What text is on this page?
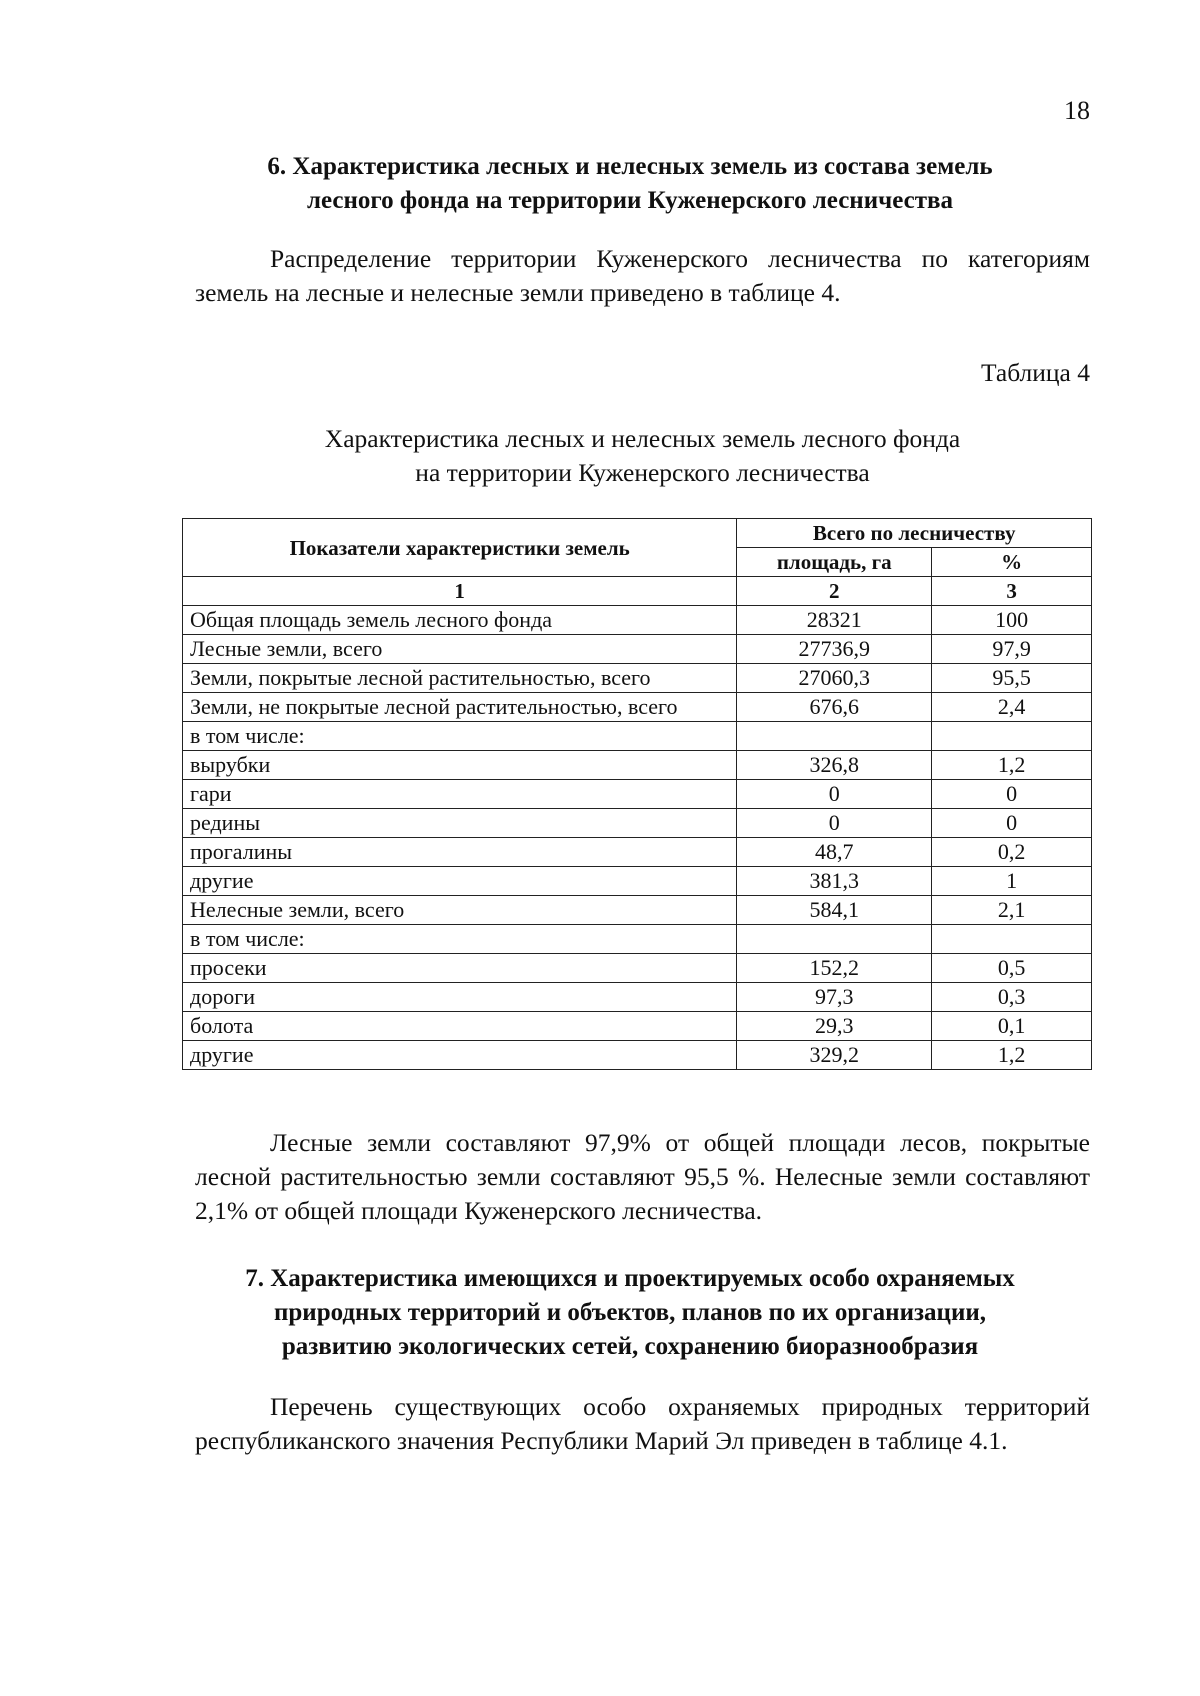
18
6. Характеристика лесных и нелесных земель из состава земель
лесного фонда на территории Куженерского лесничества

Распределение территории Куженерского лесничества по категориям земель на лесные и нелесные земли приведено в таблице 4.

Таблица 4

Характеристика лесных и нелесных земель лесного фонда
на территории Куженерского лесничества

Показатели характеристики земель	Всего по лесничеству	
	площадь, га	%
1	2	3
Общая площадь земель лесного фонда	28321	100
Лесные земли, всего	27736,9	97,9
Земли, покрытые лесной растительностью, всего	27060,3	95,5
Земли, не покрытые лесной растительностью, всего	676,6	2,4
в том числе:		
вырубки	326,8	1,2
гари	0	0
редины	0	0
прогалины	48,7	0,2
другие	381,3	1
Нелесные земли, всего	584,1	2,1
в том числе:		
просеки	152,2	0,5
дороги	97,3	0,3
болота	29,3	0,1
другие	329,2	1,2

Лесные земли составляют 97,9% от общей площади лесов, покрытые лесной растительностью земли составляют 95,5 %. Нелесные земли составляют 2,1% от общей площади Куженерского лесничества.

7. Характеристика имеющихся и проектируемых особо охраняемых
природных территорий и объектов, планов по их организации,
развитию экологических сетей, сохранению биоразнообразия

Перечень существующих особо охраняемых природных территорий республиканского значения Республики Марий Эл приведен в таблице 4.1.
